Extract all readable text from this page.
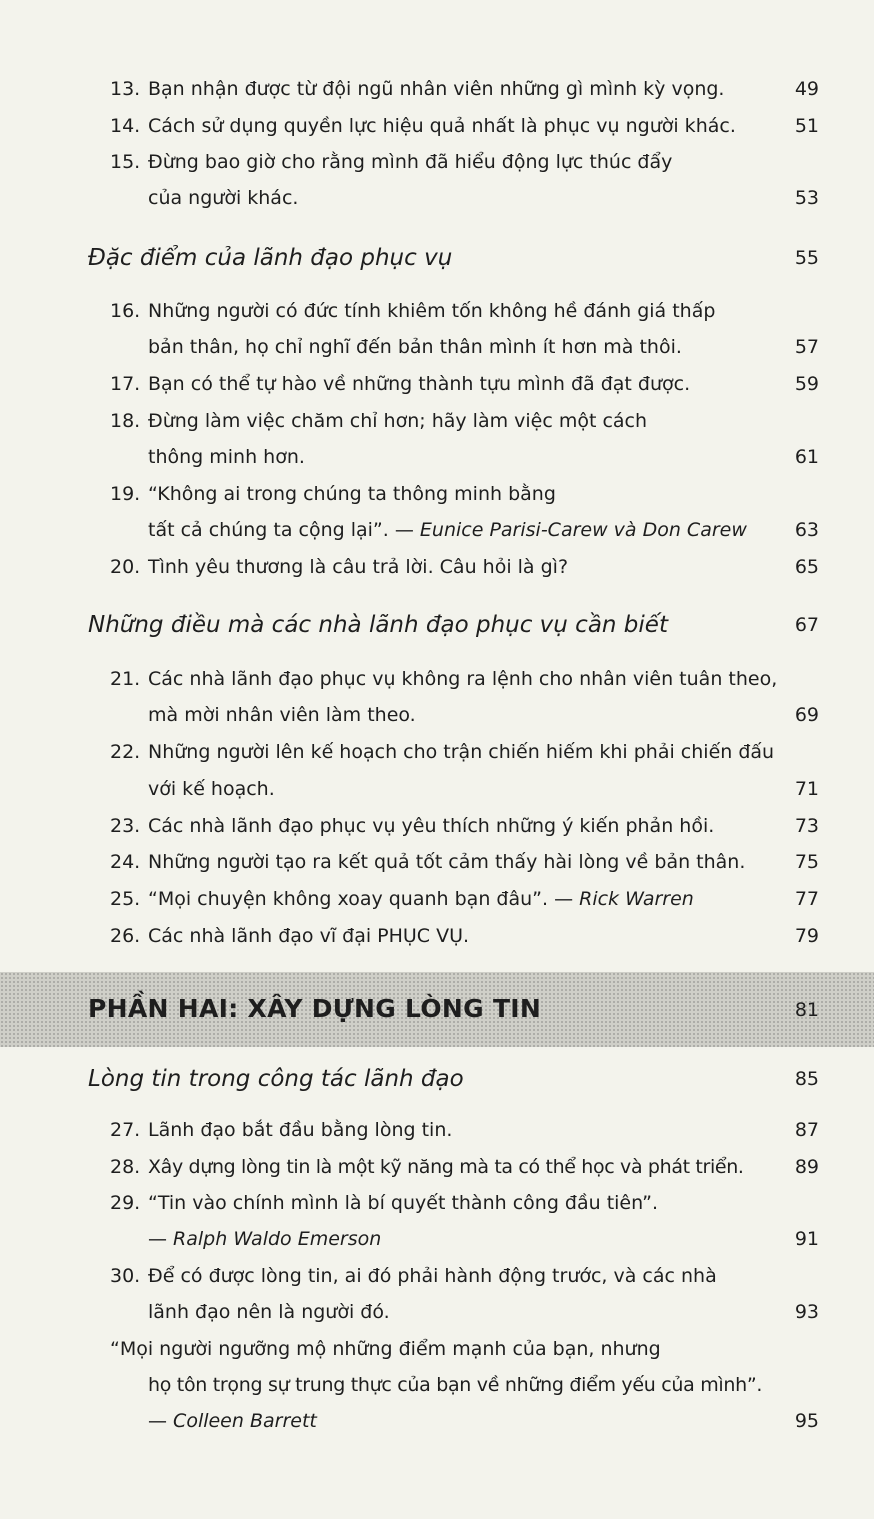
13. Bạn nhận được từ đội ngũ nhân viên những gì mình kỳ vọng.	49
14. Cách sử dụng quyền lực hiệu quả nhất là phục vụ người khác.	51
15. Đừng bao giờ cho rằng mình đã hiểu động lực thúc đẩy
của người khác.	53
Đặc điểm của lãnh đạo phục vụ	55
16. Những người có đức tính khiêm tốn không hề đánh giá thấp
bản thân, họ chỉ nghĩ đến bản thân mình ít hơn mà thôi.	57
17. Bạn có thể tự hào về những thành tựu mình đã đạt được.	59
18. Đừng làm việc chăm chỉ hơn; hãy làm việc một cách
thông minh hơn.	61
19. “Không ai trong chúng ta thông minh bằng
tất cả chúng ta cộng lại”. — Eunice Parisi-Carew và Don Carew	63
20. Tình yêu thương là câu trả lời. Câu hỏi là gì?	65
Những điều mà các nhà lãnh đạo phục vụ cần biết	67
21. Các nhà lãnh đạo phục vụ không ra lệnh cho nhân viên tuân theo,
mà mời nhân viên làm theo.	69
22. Những người lên kế hoạch cho trận chiến hiếm khi phải chiến đấu
với kế hoạch.	71
23. Các nhà lãnh đạo phục vụ yêu thích những ý kiến phản hồi.	73
24. Những người tạo ra kết quả tốt cảm thấy hài lòng về bản thân.	75
25. “Mọi chuyện không xoay quanh bạn đâu”. — Rick Warren	77
26. Các nhà lãnh đạo vĩ đại PHỤC VỤ.	79
PHẦN HAI: XÂY DỰNG LÒNG TIN	81
Lòng tin trong công tác lãnh đạo	85
27. Lãnh đạo bắt đầu bằng lòng tin.	87
28. Xây dựng lòng tin là một kỹ năng mà ta có thể học và phát triển.	89
29. “Tin vào chính mình là bí quyết thành công đầu tiên”.
— Ralph Waldo Emerson	91
30. Để có được lòng tin, ai đó phải hành động trước, và các nhà
lãnh đạo nên là người đó.	93
“Mọi người ngưỡng mộ những điểm mạnh của bạn, nhưng
họ tôn trọng sự trung thực của bạn về những điểm yếu của mình”.
— Colleen Barrett	95
